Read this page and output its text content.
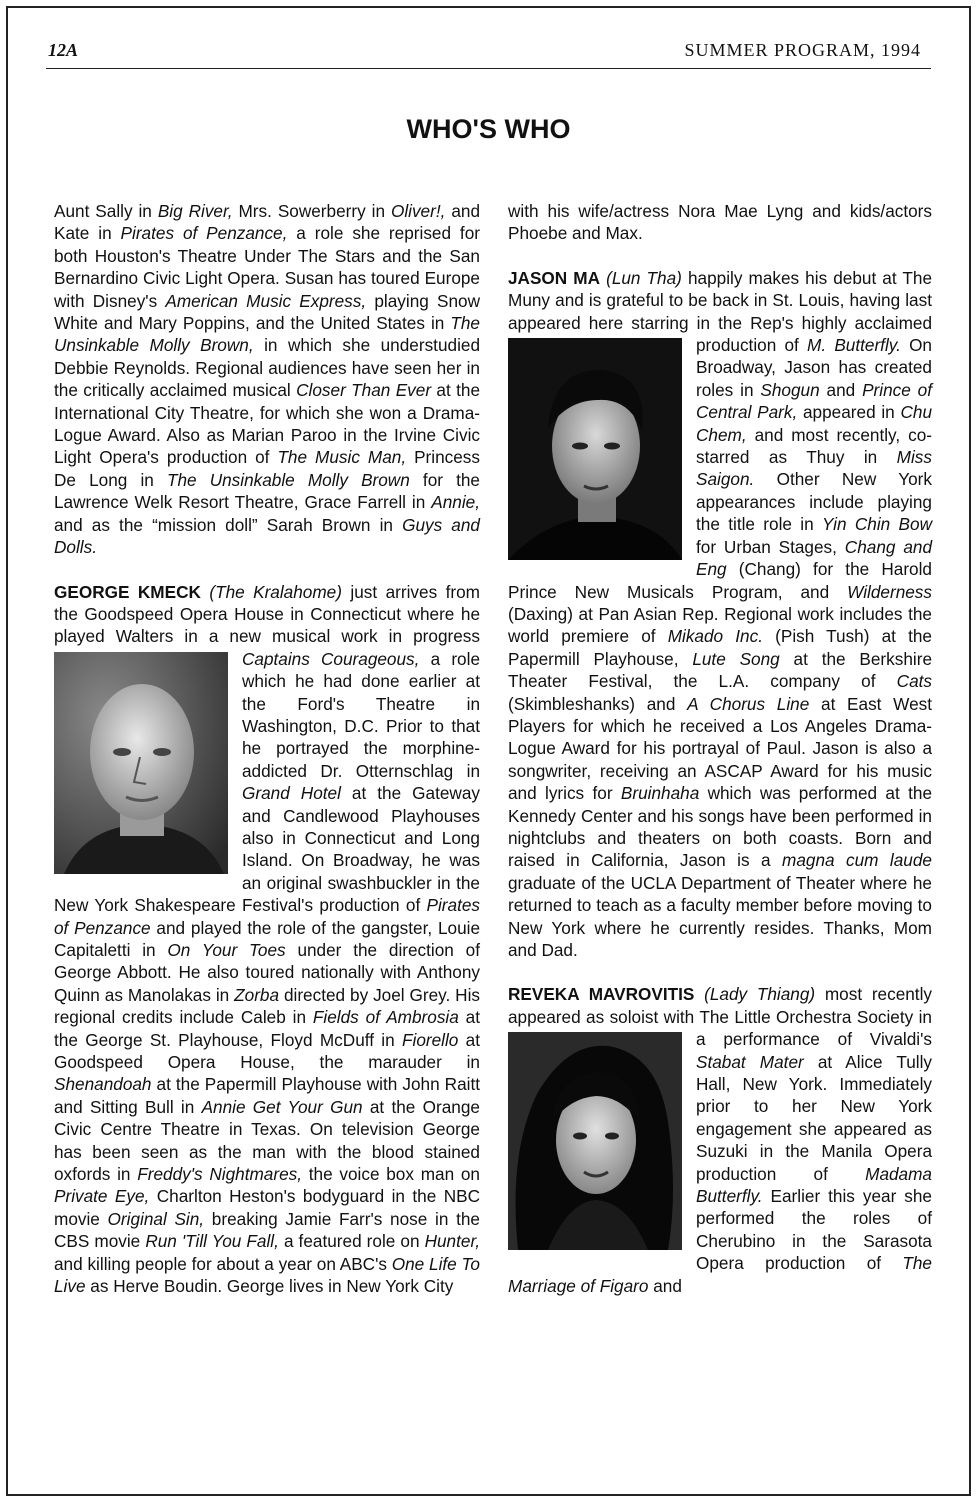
12A	SUMMER PROGRAM, 1994
WHO'S WHO

Aunt Sally in Big River, Mrs. Sowerberry in Oliver!, and Kate in Pirates of Penzance, a role she reprised for both Houston's Theatre Under The Stars and the San Bernardino Civic Light Opera. Susan has toured Europe with Disney's American Music Express, playing Snow White and Mary Poppins, and the United States in The Unsinkable Molly Brown, in which she understudied Debbie Reynolds. Regional audiences have seen her in the critically acclaimed musical Closer Than Ever at the International City Theatre, for which she won a Drama-Logue Award. Also as Marian Paroo in the Irvine Civic Light Opera's production of The Music Man, Princess De Long in The Unsinkable Molly Brown for the Lawrence Welk Resort Theatre, Grace Farrell in Annie, and as the “mission doll” Sarah Brown in Guys and Dolls.

GEORGE KMECK (The Kralahome) just arrives from the Goodspeed Opera House in Connecticut where he played Walters in a new musical work in progress
Captains Courageous, a role which he had done earlier at the Ford's Theatre in Washington, D.C. Prior to that he portrayed the morphine-addicted Dr. Otternschlag in Grand Hotel at the Gateway and Candlewood Playhouses also in Connecticut and Long Island. On Broadway, he was an original swashbuckler in the New York Shakespeare Festival's production of Pirates of Penzance and played the role of the gangster, Louie Capitaletti in On Your Toes under the direction of George Abbott. He also toured nationally with Anthony Quinn as Manolakas in Zorba directed by Joel Grey. His regional credits include Caleb in Fields of Ambrosia at the George St. Playhouse, Floyd McDuff in Fiorello at Goodspeed Opera House, the marauder in Shenandoah at the Papermill Playhouse with John Raitt and Sitting Bull in Annie Get Your Gun at the Orange Civic Centre Theatre in Texas. On television George has been seen as the man with the blood stained oxfords in Freddy's Nightmares, the voice box man on Private Eye, Charlton Heston's bodyguard in the NBC movie Original Sin, breaking Jamie Farr's nose in the CBS movie Run 'Till You Fall, a featured role on Hunter, and killing people for about a year on ABC's One Life To Live as Herve Boudin. George lives in New York City

with his wife/actress Nora Mae Lyng and kids/actors Phoebe and Max.

JASON MA (Lun Tha) happily makes his debut at The Muny and is grateful to be back in St. Louis, having last appeared here starring in the Rep's highly acclaimed production of
M. Butterfly. On Broadway, Jason has created roles in Shogun and Prince of Central Park, appeared in Chu Chem, and most recently, co-starred as Thuy in Miss Saigon. Other New York appearances include playing the title role in Yin Chin Bow for Urban Stages, Chang and Eng (Chang) for the Harold Prince New Musicals Program, and Wilderness (Daxing) at Pan Asian Rep. Regional work includes the world premiere of Mikado Inc. (Pish Tush) at the Papermill Playhouse, Lute Song at the Berkshire Theater Festival, the L.A. company of Cats (Skimbleshanks) and A Chorus Line at East West Players for which he received a Los Angeles Drama-Logue Award for his portrayal of Paul. Jason is also a songwriter, receiving an ASCAP Award for his music and lyrics for Bruinhaha which was performed at the Kennedy Center and his songs have been performed in nightclubs and theaters on both coasts. Born and raised in California, Jason is a magna cum laude graduate of the UCLA Department of Theater where he returned to teach as a faculty member before moving to New York where he currently resides. Thanks, Mom and Dad.

REVEKA MAVROVITIS (Lady Thiang) most recently appeared as soloist with The Little Orchestra Society in a performance of Vivaldi's
Stabat Mater at Alice Tully Hall, New York. Immediately prior to her New York engagement she appeared as Suzuki in the Manila Opera production of Madama Butterfly. Earlier this year she performed the roles of Cherubino in the Sarasota Opera production of The Marriage of Figaro and
